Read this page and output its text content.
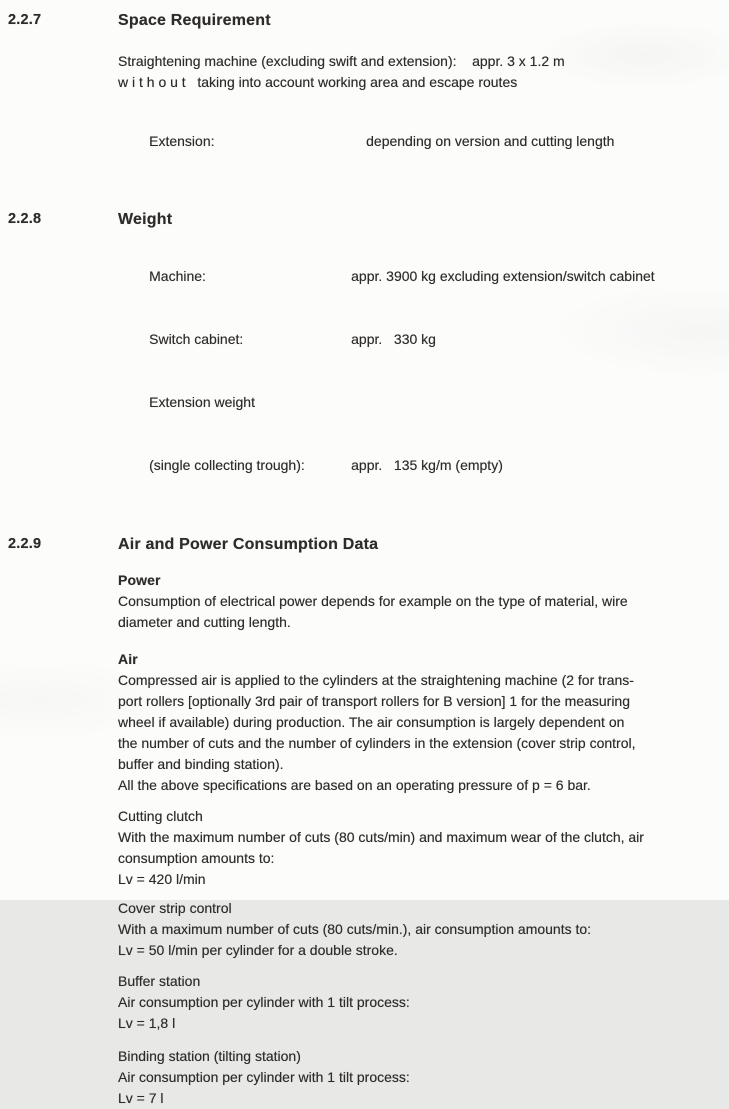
2.2.7	Space Requirement
Straightening machine (excluding swift and extension):    appr. 3 x 1.2 m
w i t h o u t   taking into account working area and escape routes

Extension:	depending on version and cutting length

2.2.8	Weight

Machine:	appr. 3900 kg excluding extension/switch cabinet

Switch cabinet:	appr.   330 kg

Extension weight

(single collecting trough):	appr.   135 kg/m (empty)

2.2.9	Air and Power Consumption Data
Power
Consumption of electrical power depends for example on the type of material, wire
diameter and cutting length.
Air
Compressed air is applied to the cylinders at the straightening machine (2 for trans-
port rollers [optionally 3rd pair of transport rollers for B version] 1 for the measuring
wheel if available) during production. The air consumption is largely dependent on
the number of cuts and the number of cylinders in the extension (cover strip control,
buffer and binding station).
All the above specifications are based on an operating pressure of p = 6 bar.
Cutting clutch
With the maximum number of cuts (80 cuts/min) and maximum wear of the clutch, air
consumption amounts to:
Lv = 420 l/min
Cover strip control
With a maximum number of cuts (80 cuts/min.), air consumption amounts to:
Lv = 50 l/min per cylinder for a double stroke.
Buffer station
Air consumption per cylinder with 1 tilt process:
Lv = 1,8 l
Binding station (tilting station)
Air consumption per cylinder with 1 tilt process:
Lv = 7 l
